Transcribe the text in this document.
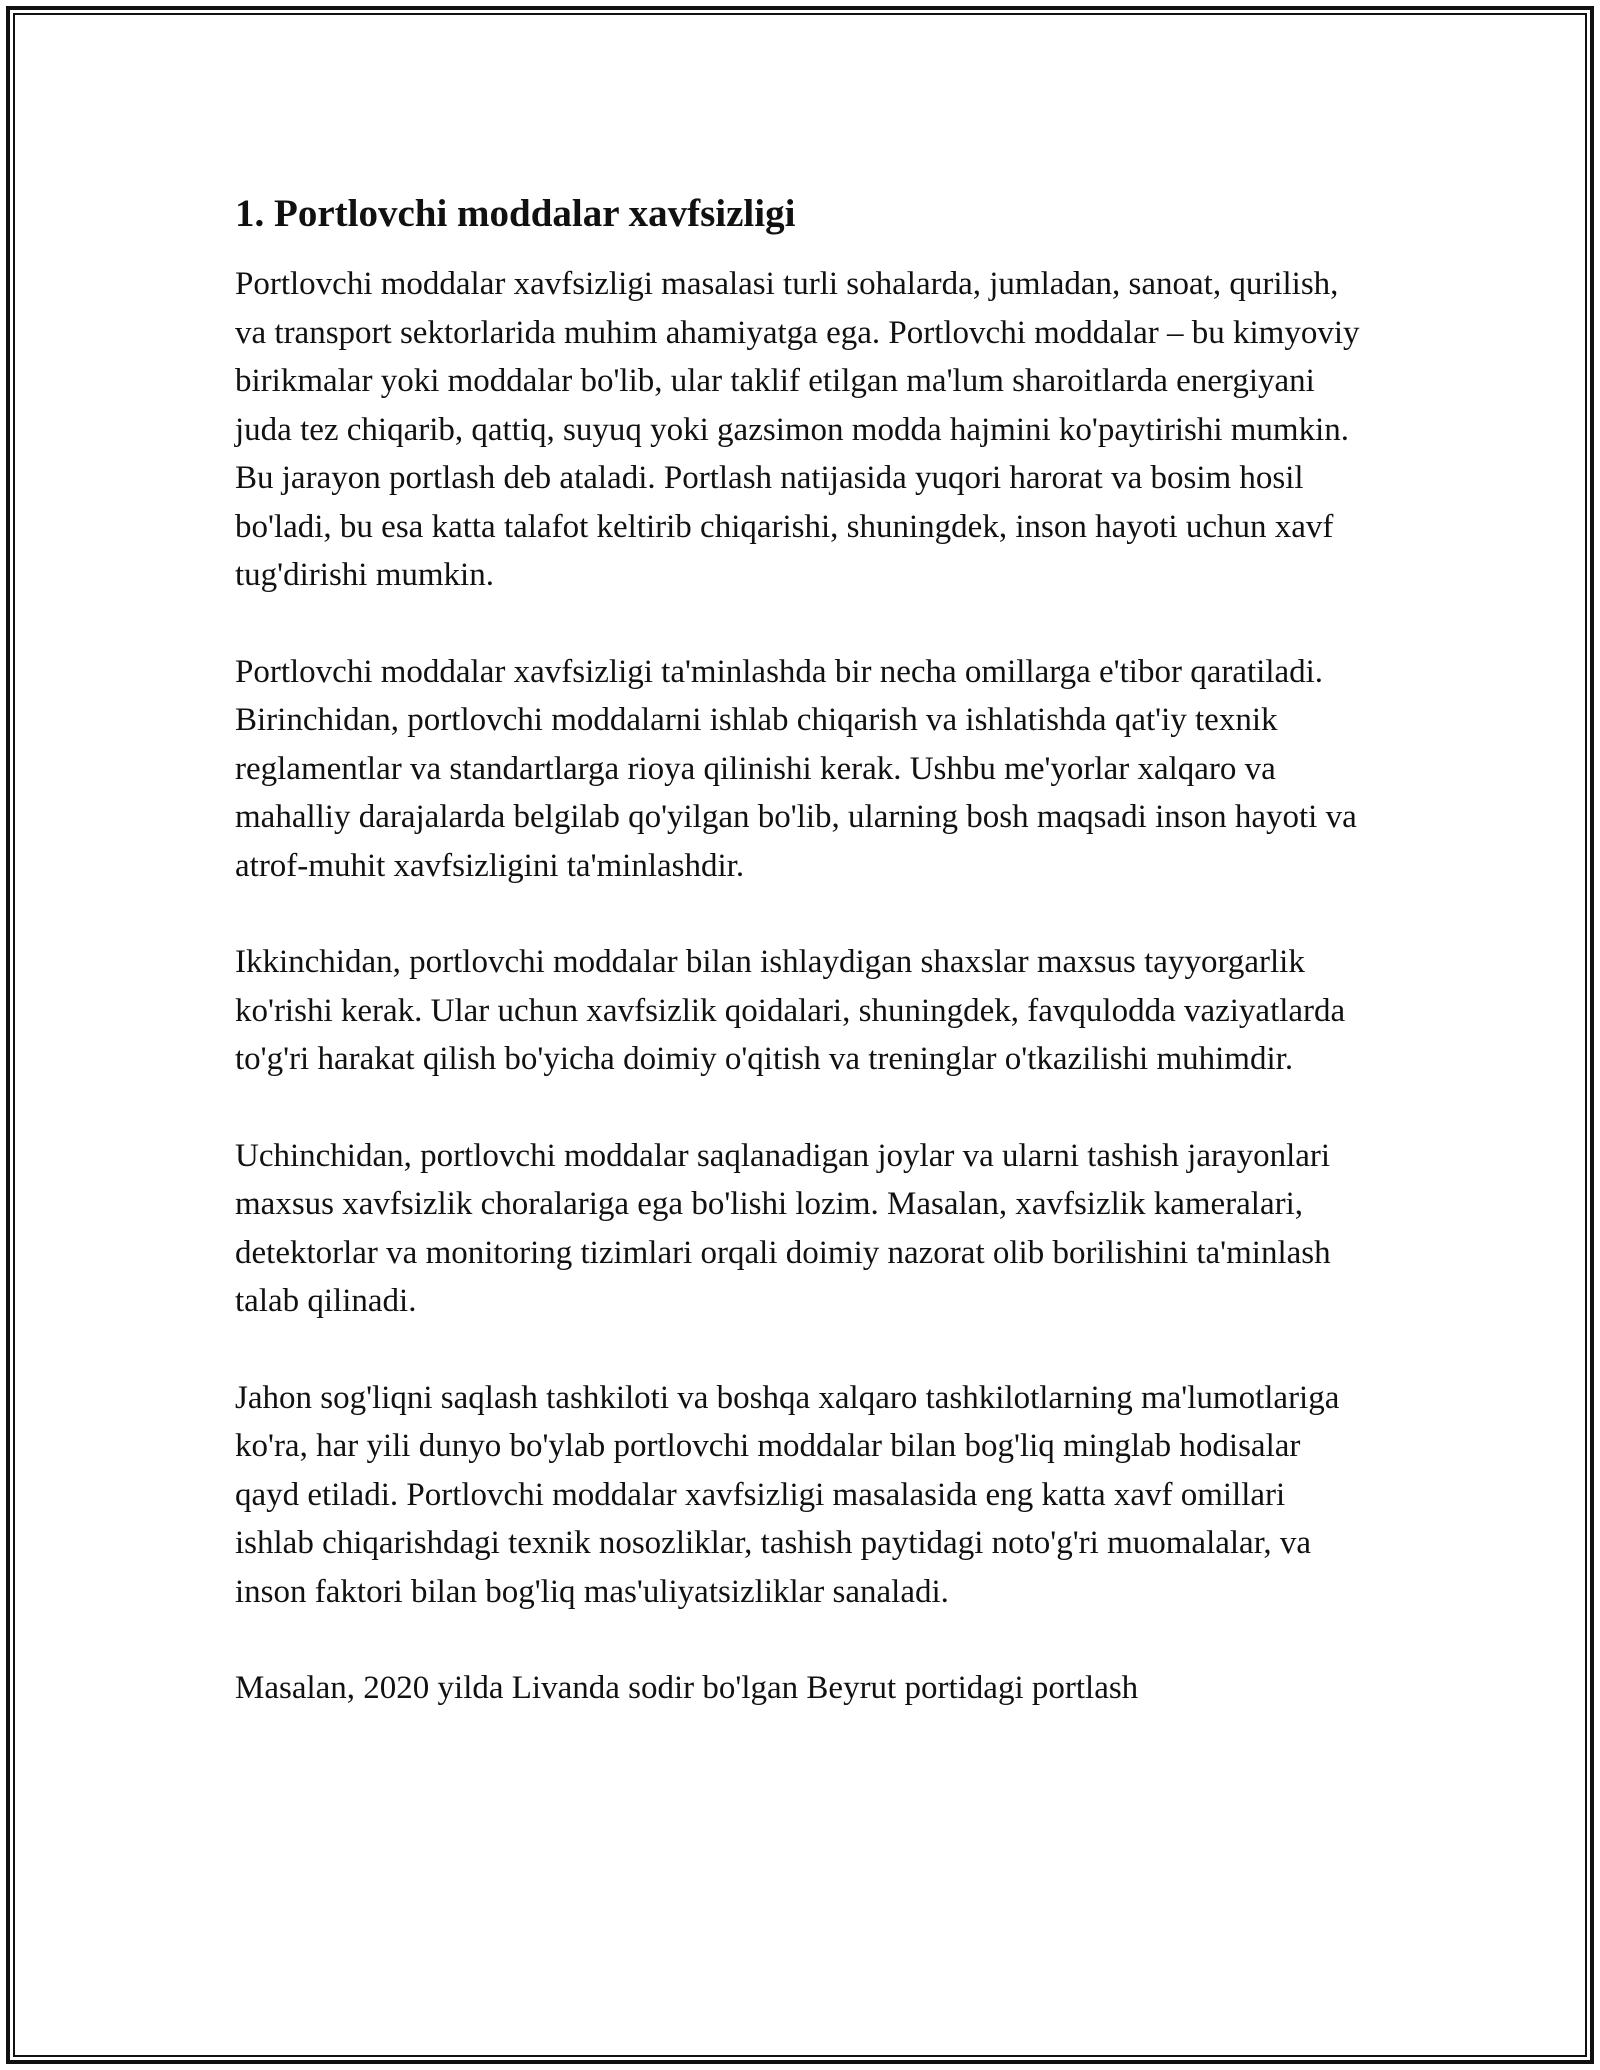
1. Portlovchi moddalar xavfsizligi

Portlovchi moddalar xavfsizligi masalasi turli sohalarda, jumladan, sanoat, qurilish, va transport sektorlarida muhim ahamiyatga ega. Portlovchi moddalar – bu kimyoviy birikmalar yoki moddalar bo'lib, ular taklif etilgan ma'lum sharoitlarda energiyani juda tez chiqarib, qattiq, suyuq yoki gazsimon modda hajmini ko'paytirishi mumkin. Bu jarayon portlash deb ataladi. Portlash natijasida yuqori harorat va bosim hosil bo'ladi, bu esa katta talafot keltirib chiqarishi, shuningdek, inson hayoti uchun xavf tug'dirishi mumkin.

Portlovchi moddalar xavfsizligi ta'minlashda bir necha omillarga e'tibor qaratiladi. Birinchidan, portlovchi moddalarni ishlab chiqarish va ishlatishda qat'iy texnik reglamentlar va standartlarga rioya qilinishi kerak. Ushbu me'yorlar xalqaro va mahalliy darajalarda belgilab qo'yilgan bo'lib, ularning bosh maqsadi inson hayoti va atrof-muhit xavfsizligini ta'minlashdir.

Ikkinchidan, portlovchi moddalar bilan ishlaydigan shaxslar maxsus tayyorgarlik ko'rishi kerak. Ular uchun xavfsizlik qoidalari, shuningdek, favqulodda vaziyatlarda to'g'ri harakat qilish bo'yicha doimiy o'qitish va treninglar o'tkazilishi muhimdir.

Uchinchidan, portlovchi moddalar saqlanadigan joylar va ularni tashish jarayonlari maxsus xavfsizlik choralariga ega bo'lishi lozim. Masalan, xavfsizlik kameralari, detektorlar va monitoring tizimlari orqali doimiy nazorat olib borilishini ta'minlash talab qilinadi.

Jahon sog'liqni saqlash tashkiloti va boshqa xalqaro tashkilotlarning ma'lumotlariga ko'ra, har yili dunyo bo'ylab portlovchi moddalar bilan bog'liq minglab hodisalar qayd etiladi. Portlovchi moddalar xavfsizligi masalasida eng katta xavf omillari ishlab chiqarishdagi texnik nosozliklar, tashish paytidagi noto'g'ri muomalalar, va inson faktori bilan bog'liq mas'uliyatsizliklar sanaladi.

Masalan, 2020 yilda Livanda sodir bo'lgan Beyrut portidagi portlash
